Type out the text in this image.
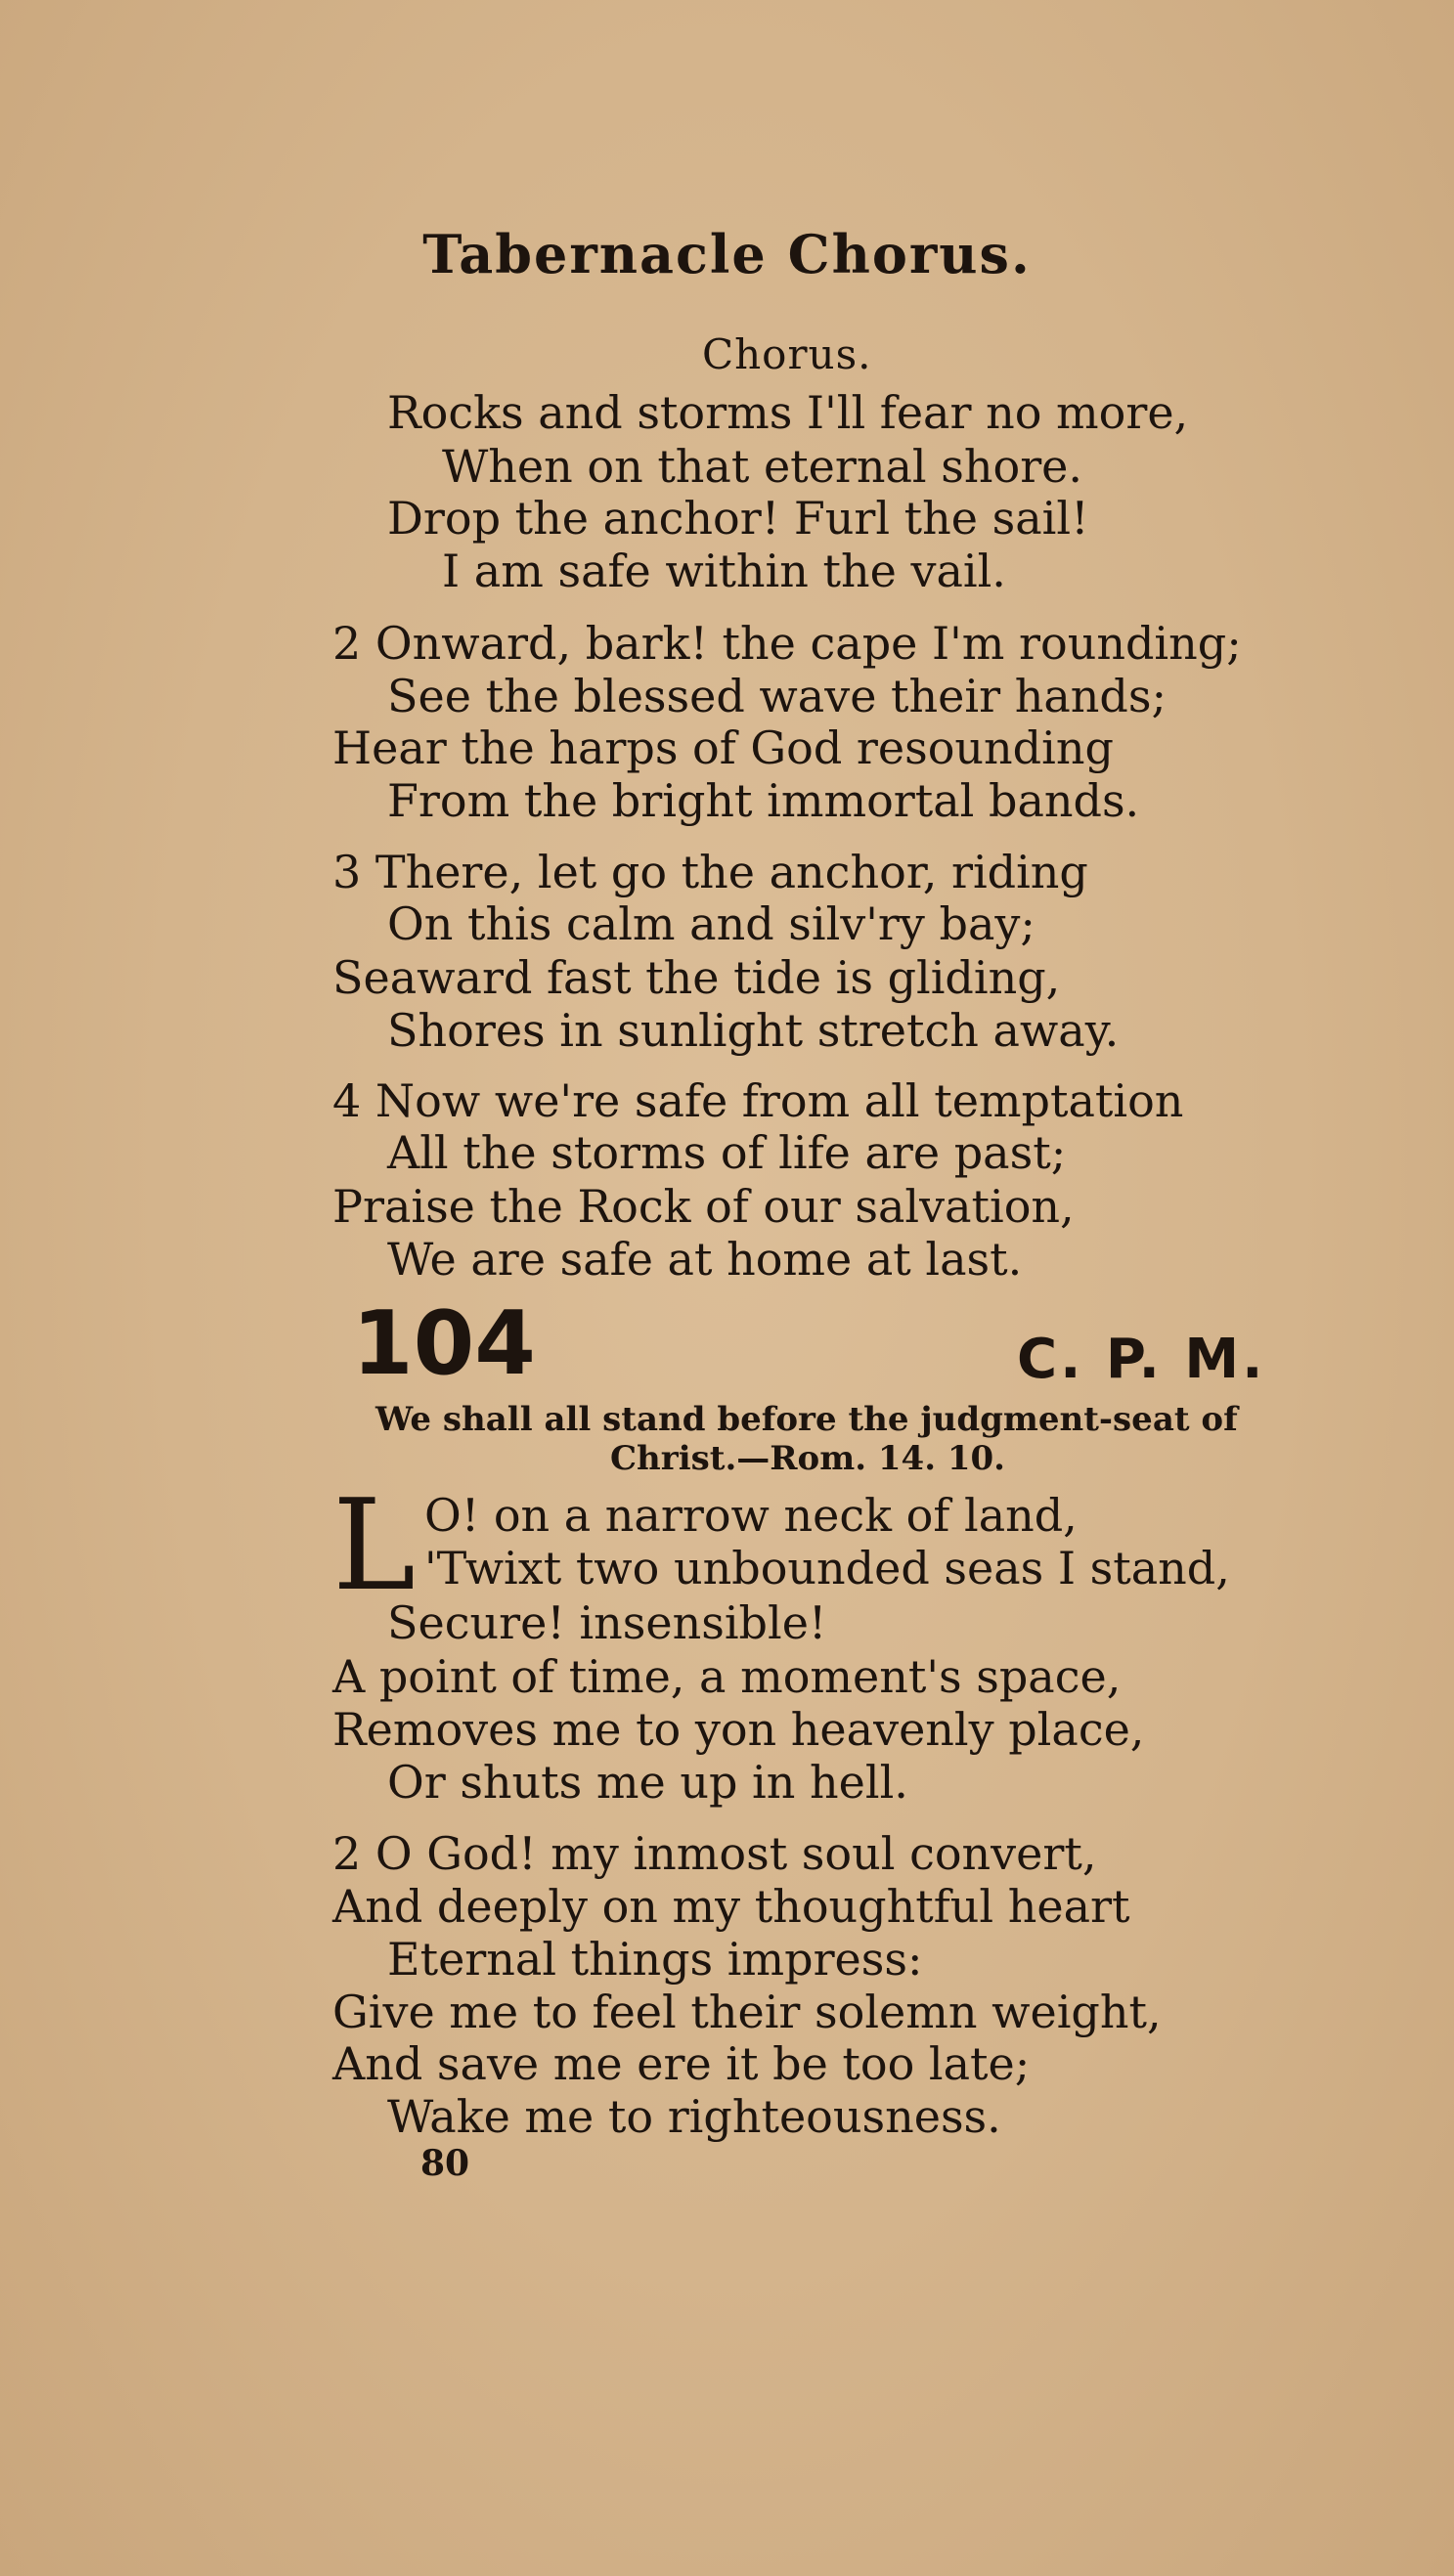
Tabernacle Chorus.
Chorus.
Rocks and storms I'll fear no more,
When on that eternal shore.
Drop the anchor! Furl the sail!
I am safe within the vail.
2 Onward, bark! the cape I'm rounding;
See the blessed wave their hands;
Hear the harps of God resounding
From the bright immortal bands.
3 There, let go the anchor, riding
On this calm and silv'ry bay;
Seaward fast the tide is gliding,
Shores in sunlight stretch away.
4 Now we're safe from all temptation
All the storms of life are past;
Praise the Rock of our salvation,
We are safe at home at last.
104	C. P. M.
We shall all stand before the judgment-seat of
Christ.—Rom. 14. 10.
L O! on a narrow neck of land,
'Twixt two unbounded seas I stand,
Secure! insensible!
A point of time, a moment's space,
Removes me to yon heavenly place,
Or shuts me up in hell.
2 O God! my inmost soul convert,
And deeply on my thoughtful heart
Eternal things impress:
Give me to feel their solemn weight,
And save me ere it be too late;
Wake me to righteousness.
80
